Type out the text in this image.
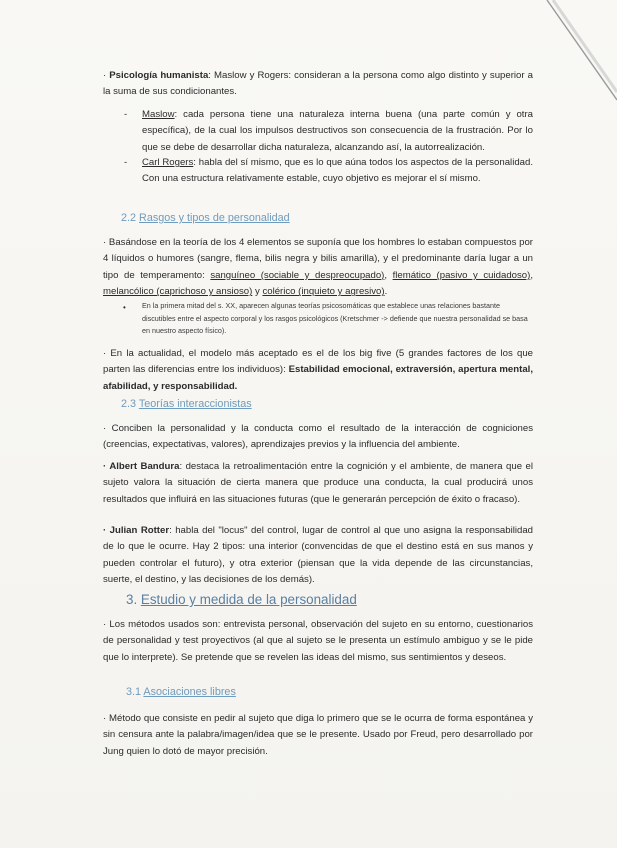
· Psicología humanista: Maslow y Rogers: consideran a la persona como algo distinto y superior a la suma de sus condicionantes.

- Maslow: cada persona tiene una naturaleza interna buena (una parte común y otra específica), de la cual los impulsos destructivos son consecuencia de la frustración. Por lo que se debe de desarrollar dicha naturaleza, alcanzando así, la autorrealización.

- Carl Rogers: habla del sí mismo, que es lo que aúna todos los aspectos de la personalidad. Con una estructura relativamente estable, cuyo objetivo es mejorar el sí mismo.

2.2 Rasgos y tipos de personalidad

· Basándose en la teoría de los 4 elementos se suponía que los hombres lo estaban compuestos por 4 líquidos o humores (sangre, flema, bilis negra y bilis amarilla), y el predominante daría lugar a un tipo de temperamento: sanguíneo (sociable y despreocupado), flemático (pasivo y cuidadoso), melancólico (caprichoso y ansioso) y colérico (inquieto y agresivo).

• En la primera mitad del s. XX, aparecen algunas teorías psicosomáticas que establece unas relaciones bastante discutibles entre el aspecto corporal y los rasgos psicológicos (Kretschmer -> defiende que nuestra personalidad se basa en nuestro aspecto físico).

· En la actualidad, el modelo más aceptado es el de los big five (5 grandes factores de los que parten las diferencias entre los individuos): Estabilidad emocional, extraversión, apertura mental, afabilidad, y responsabilidad.

2.3 Teorías interaccionistas

· Conciben la personalidad y la conducta como el resultado de la interacción de cogniciones (creencias, expectativas, valores), aprendizajes previos y la influencia del ambiente.

· Albert Bandura: destaca la retroalimentación entre la cognición y el ambiente, de manera que el sujeto valora la situación de cierta manera que produce una conducta, la cual producirá unos resultados que influirá en las situaciones futuras (que le generarán percepción de éxito o fracaso).

· Julian Rotter: habla del "locus" del control, lugar de control al que uno asigna la responsabilidad de lo que le ocurre. Hay 2 tipos: una interior (convencidas de que el destino está en sus manos y pueden controlar el futuro), y otra exterior (piensan que la vida depende de las circunstancias, suerte, el destino, y las decisiones de los demás).

3. Estudio y medida de la personalidad

· Los métodos usados son: entrevista personal, observación del sujeto en su entorno, cuestionarios de personalidad y test proyectivos (al que al sujeto se le presenta un estímulo ambiguo y se le pide que lo interprete). Se pretende que se revelen las ideas del mismo, sus sentimientos y deseos.

3.1 Asociaciones libres

· Método que consiste en pedir al sujeto que diga lo primero que se le ocurra de forma espontánea y sin censura ante la palabra/imagen/idea que se le presente. Usado por Freud, pero desarrollado por Jung quien lo dotó de mayor precisión.
